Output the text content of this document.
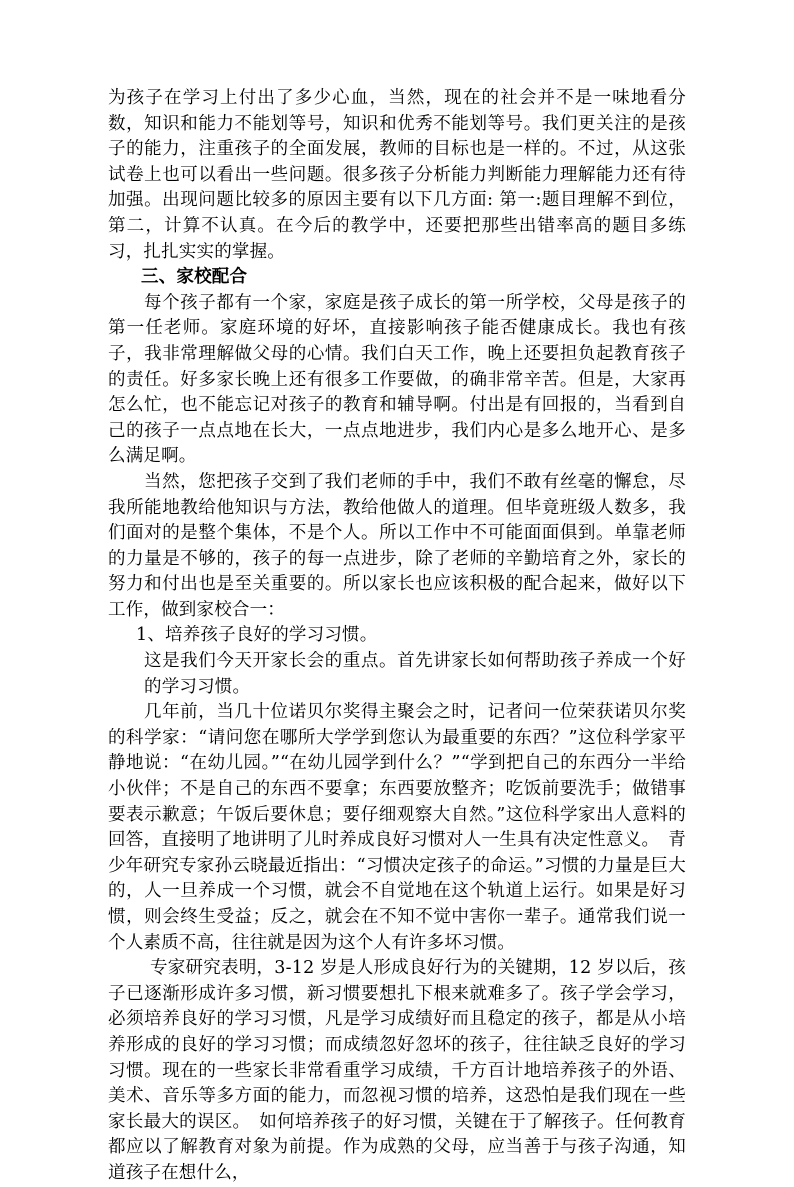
为孩子在学习上付出了多少心血，当然，现在的社会并不是一味地看分数，知识和能力不能划等号，知识和优秀不能划等号。我们更关注的是孩子的能力，注重孩子的全面发展，教师的目标也是一样的。不过，从这张试卷上也可以看出一些问题。很多孩子分析能力判断能力理解能力还有待加强。出现问题比较多的原因主要有以下几方面: 第一:题目理解不到位，第二，计算不认真。在今后的教学中，还要把那些出错率高的题目多练习，扎扎实实的掌握。

三、家校配合

每个孩子都有一个家，家庭是孩子成长的第一所学校，父母是孩子的第一任老师。家庭环境的好坏，直接影响孩子能否健康成长。我也有孩子，我非常理解做父母的心情。我们白天工作，晚上还要担负起教育孩子的责任。好多家长晚上还有很多工作要做，的确非常辛苦。但是，大家再怎么忙，也不能忘记对孩子的教育和辅导啊。付出是有回报的，当看到自己的孩子一点点地在长大，一点点地进步，我们内心是多么地开心、是多么满足啊。

当然，您把孩子交到了我们老师的手中，我们不敢有丝毫的懈怠，尽我所能地教给他知识与方法，教给他做人的道理。但毕竟班级人数多，我们面对的是整个集体，不是个人。所以工作中不可能面面俱到。单靠老师的力量是不够的，孩子的每一点进步，除了老师的辛勤培育之外，家长的努力和付出也是至关重要的。所以家长也应该积极的配合起来，做好以下工作，做到家校合一：

1、培养孩子良好的学习习惯。

这是我们今天开家长会的重点。首先讲家长如何帮助孩子养成一个好的学习习惯。

几年前，当几十位诺贝尔奖得主聚会之时，记者问一位荣获诺贝尔奖的科学家：“请问您在哪所大学学到您认为最重要的东西？”这位科学家平静地说：“在幼儿园。”“在幼儿园学到什么？”“学到把自己的东西分一半给小伙伴；不是自己的东西不要拿；东西要放整齐；吃饭前要洗手；做错事要表示歉意；午饭后要休息；要仔细观察大自然。”这位科学家出人意料的回答，直接明了地讲明了儿时养成良好习惯对人一生具有决定性意义。　青少年研究专家孙云晓最近指出：“习惯决定孩子的命运。”习惯的力量是巨大的，人一旦养成一个习惯，就会不自觉地在这个轨道上运行。如果是好习惯，则会终生受益；反之，就会在不知不觉中害你一辈子。通常我们说一个人素质不高，往往就是因为这个人有许多坏习惯。

专家研究表明，3-12 岁是人形成良好行为的关键期，12 岁以后，孩子已逐渐形成许多习惯，新习惯要想扎下根来就难多了。孩子学会学习，必须培养良好的学习习惯，凡是学习成绩好而且稳定的孩子，都是从小培养形成的良好的学习习惯；而成绩忽好忽坏的孩子，往往缺乏良好的学习习惯。现在的一些家长非常看重学习成绩，千方百计地培养孩子的外语、美术、音乐等多方面的能力，而忽视习惯的培养，这恐怕是我们现在一些家长最大的误区。　如何培养孩子的好习惯，关键在于了解孩子。任何教育都应以了解教育对象为前提。作为成熟的父母，应当善于与孩子沟通，知道孩子在想什么，
